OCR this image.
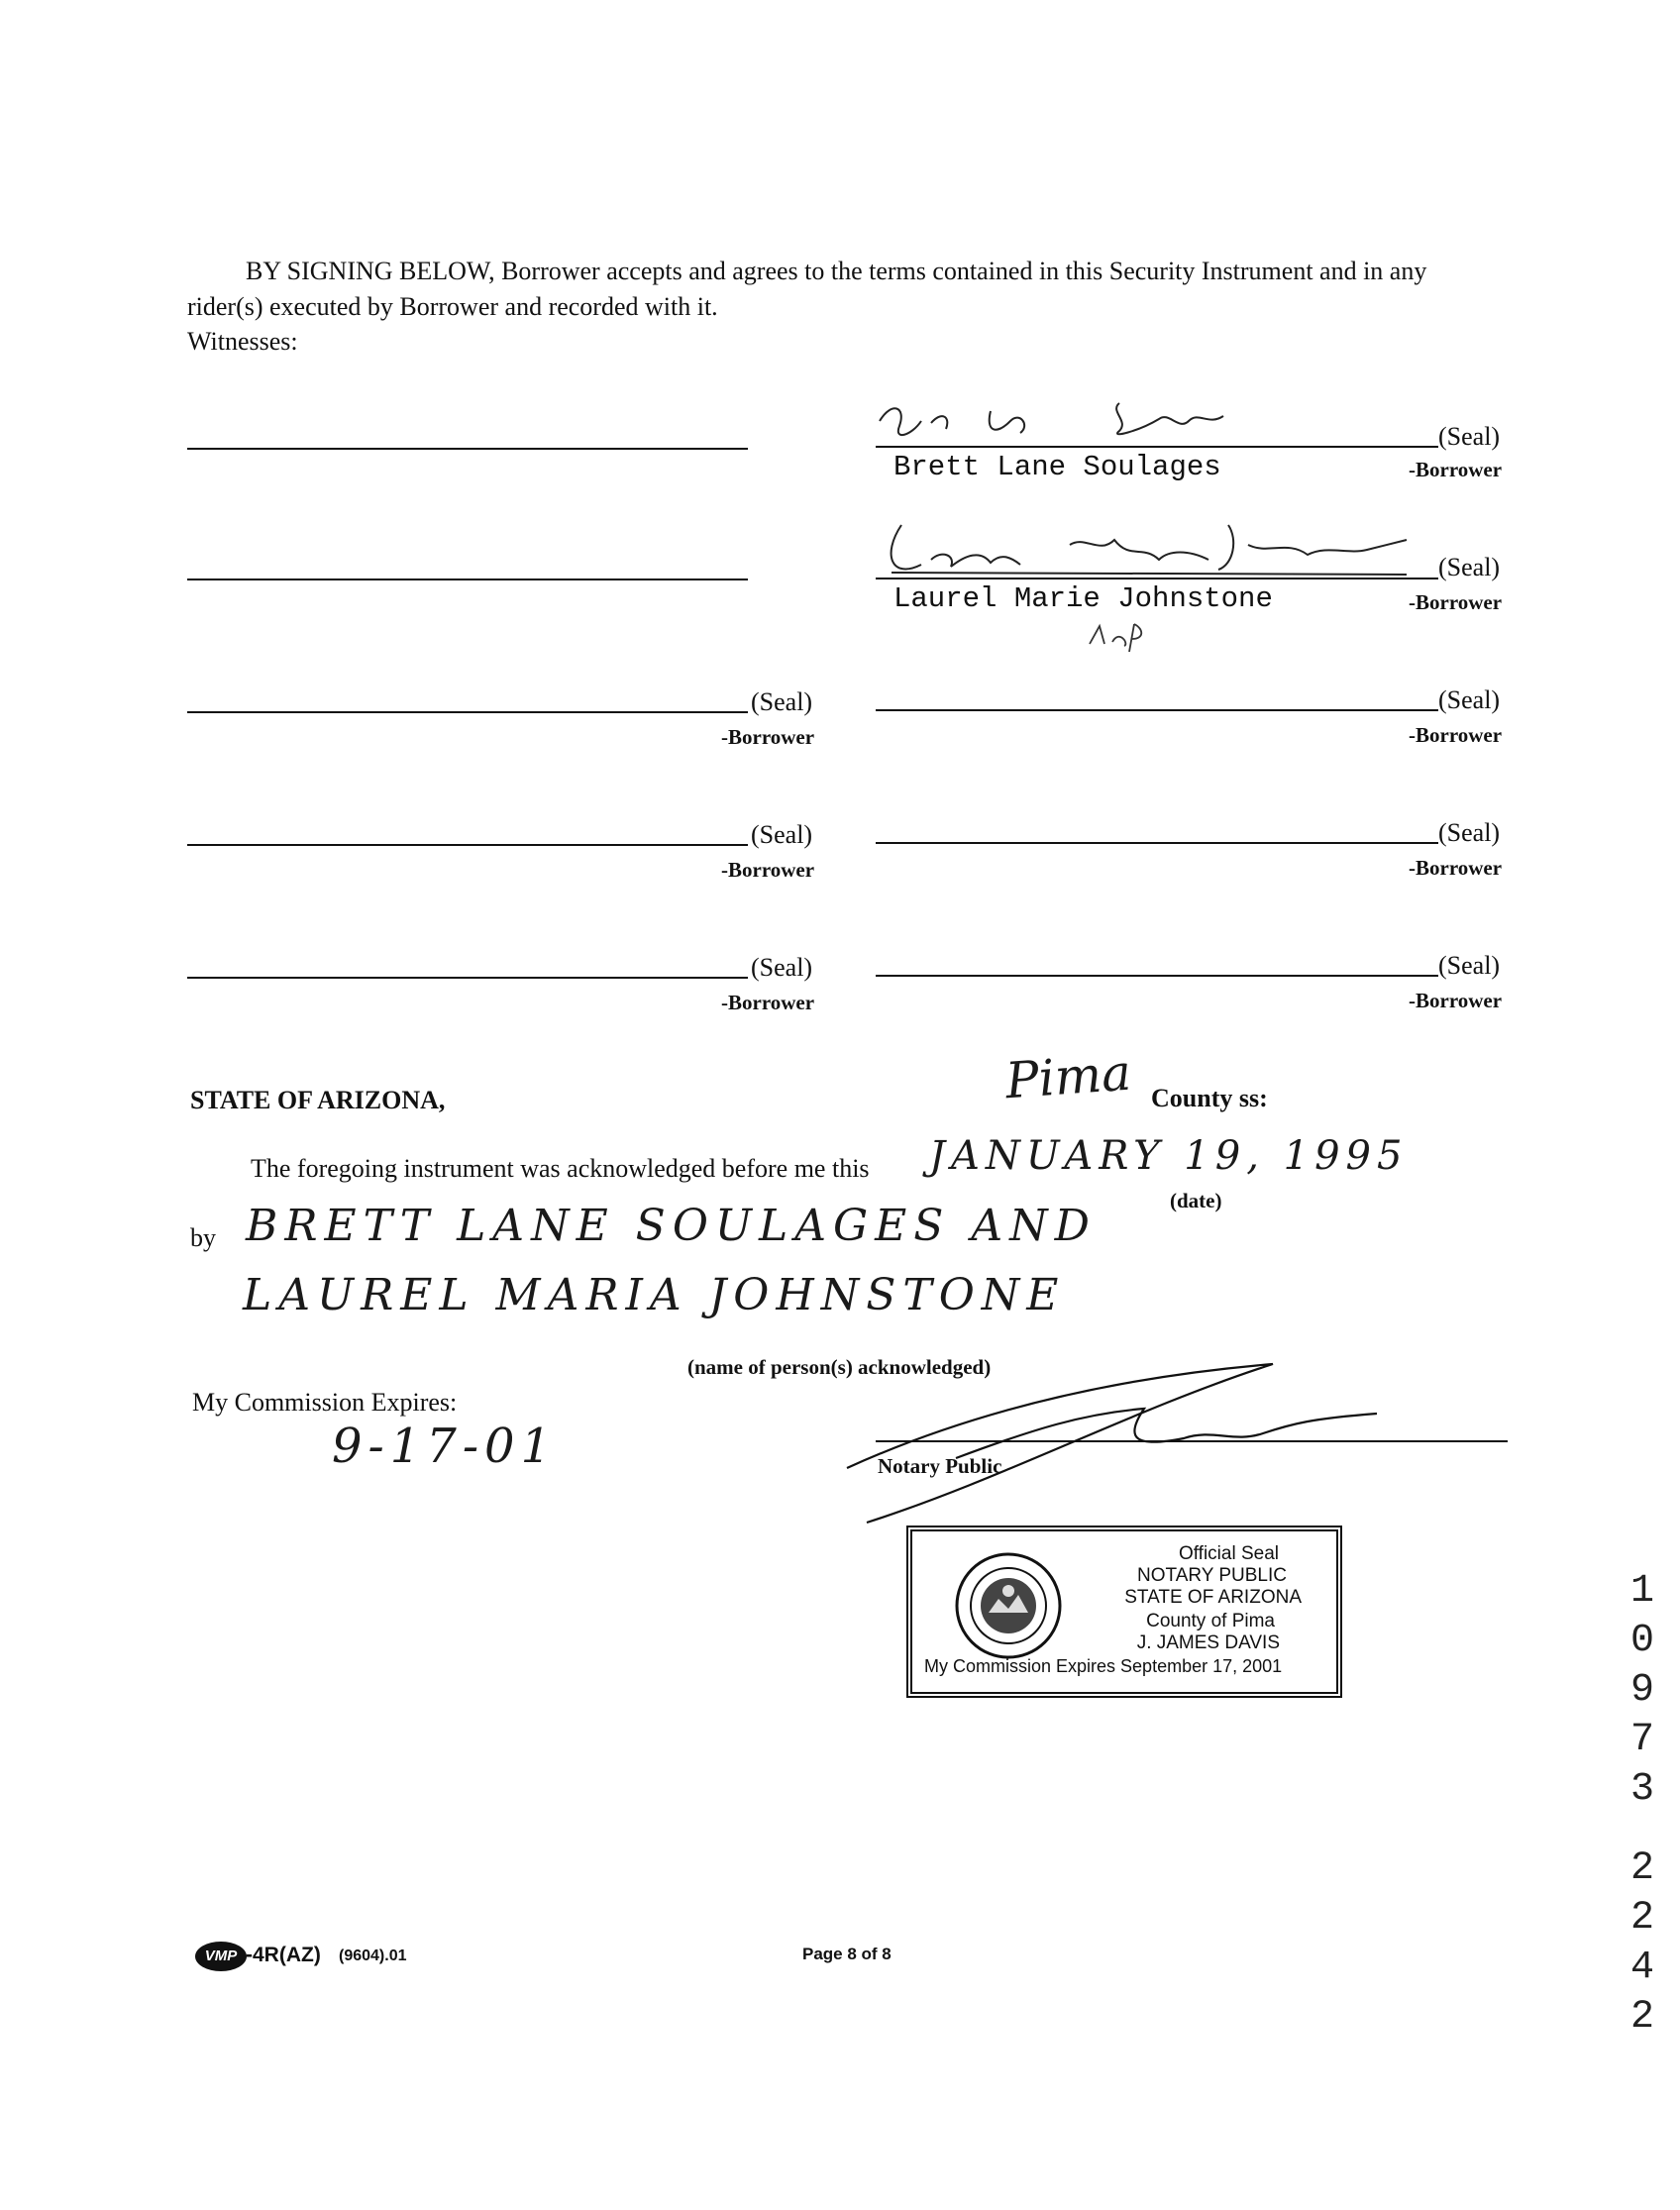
BY SIGNING BELOW, Borrower accepts and agrees to the terms contained in this Security Instrument and in any
rider(s) executed by Borrower and recorded with it.
Witnesses:
(Seal)
Brett Lane Soulages	-Borrower
(Seal)
Laurel Marie Johnstone	-Borrower
(Seal)
-Borrower
(Seal)
-Borrower
(Seal)
-Borrower
(Seal)
-Borrower
(Seal)
-Borrower
(Seal)
-Borrower
STATE OF ARIZONA,	Pima County ss:
The foregoing instrument was acknowledged before me this JANUARY 19, 1995
(date)
by BRETT LANE SOULAGES AND
LAUREL MARIA JOHNSTONE
(name of person(s) acknowledged)
My Commission Expires:
9-17-01	Notary Public
Official Seal
NOTARY PUBLIC
STATE OF ARIZONA
County of Pima
J. JAMES DAVIS
My Commission Expires September 17, 2001
VMP -4R(AZ) (9604).01	Page 8 of 8
1
0
9
7
3
2
2
4
2
